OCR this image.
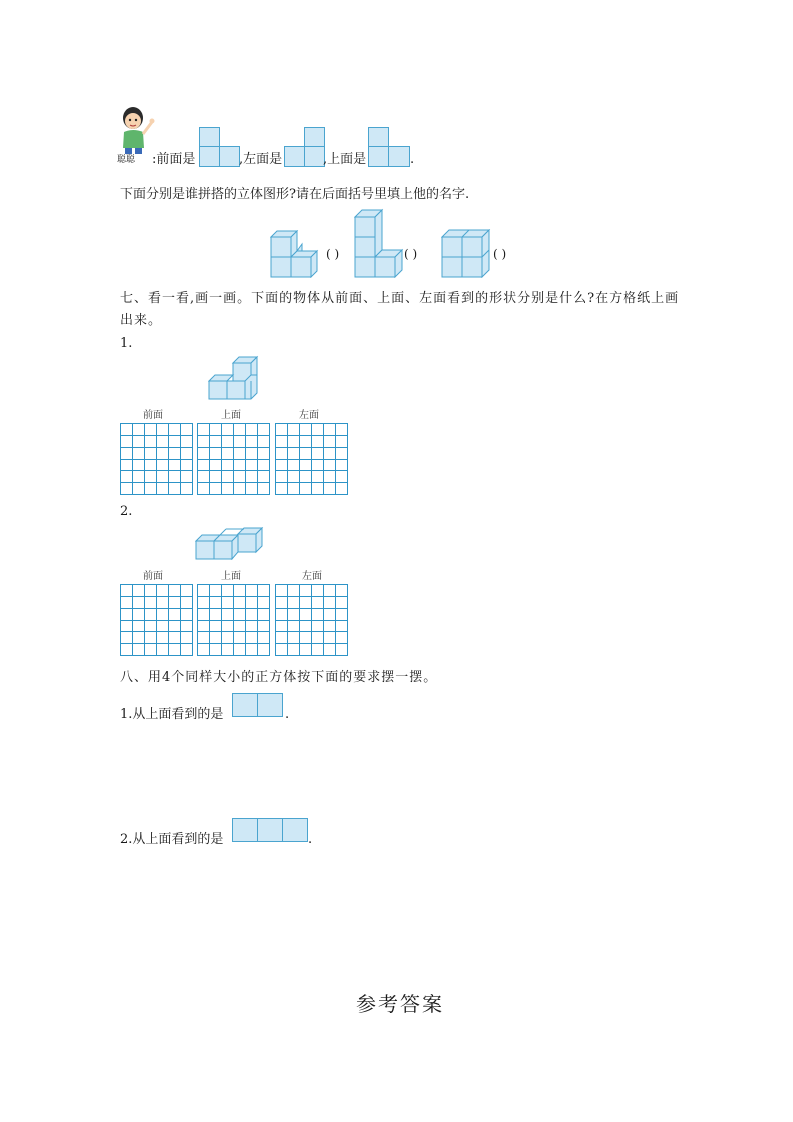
聪聪 :前面是	,左面是	,上面是	.
下面分别是谁拼搭的立体图形?请在后面括号里填上他的名字.
( )	( )	( )
七、看一看,画一画。下面的物体从前面、上面、左面看到的形状分别是什么?在方格纸上画
出来。
1.
前面	上面	左面
2.
前面	上面	左面
八、用4个同样大小的正方体按下面的要求摆一摆。
1.从上面看到的是	.
2.从上面看到的是	.
参考答案
